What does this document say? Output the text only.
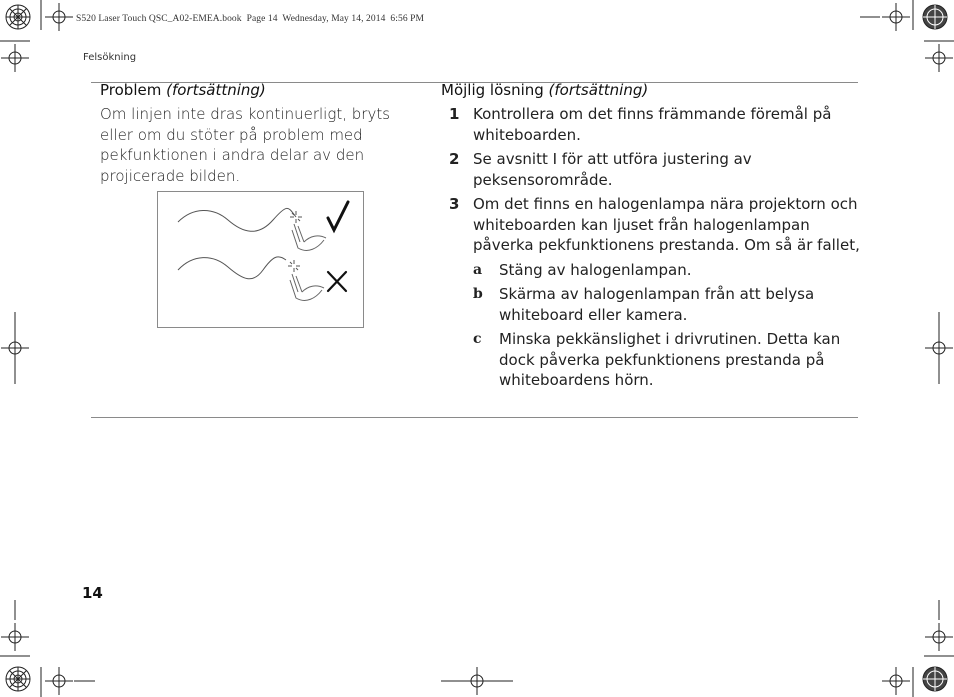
S520 Laser Touch QSC_A02-EMEA.book  Page 14  Wednesday, May 14, 2014  6:56 PM
Felsökning
Problem (fortsättning)	Möjlig lösning (fortsättning)
Om linjen inte dras kontinuerligt, bryts eller om du stöter på problem med pekfunktionen i andra delar av den projicerade bilden.
1 Kontrollera om det finns främmande föremål på whiteboarden.
2 Se avsnitt I för att utföra justering av peksensorområde.
3 Om det finns en halogenlampa nära projektorn och whiteboarden kan ljuset från halogenlampan påverka pekfunktionens prestanda. Om så är fallet,
a Stäng av halogenlampan.
b Skärma av halogenlampan från att belysa whiteboard eller kamera.
c Minska pekkänslighet i drivrutinen. Detta kan dock påverka pekfunktionens prestanda på whiteboardens hörn.
14
